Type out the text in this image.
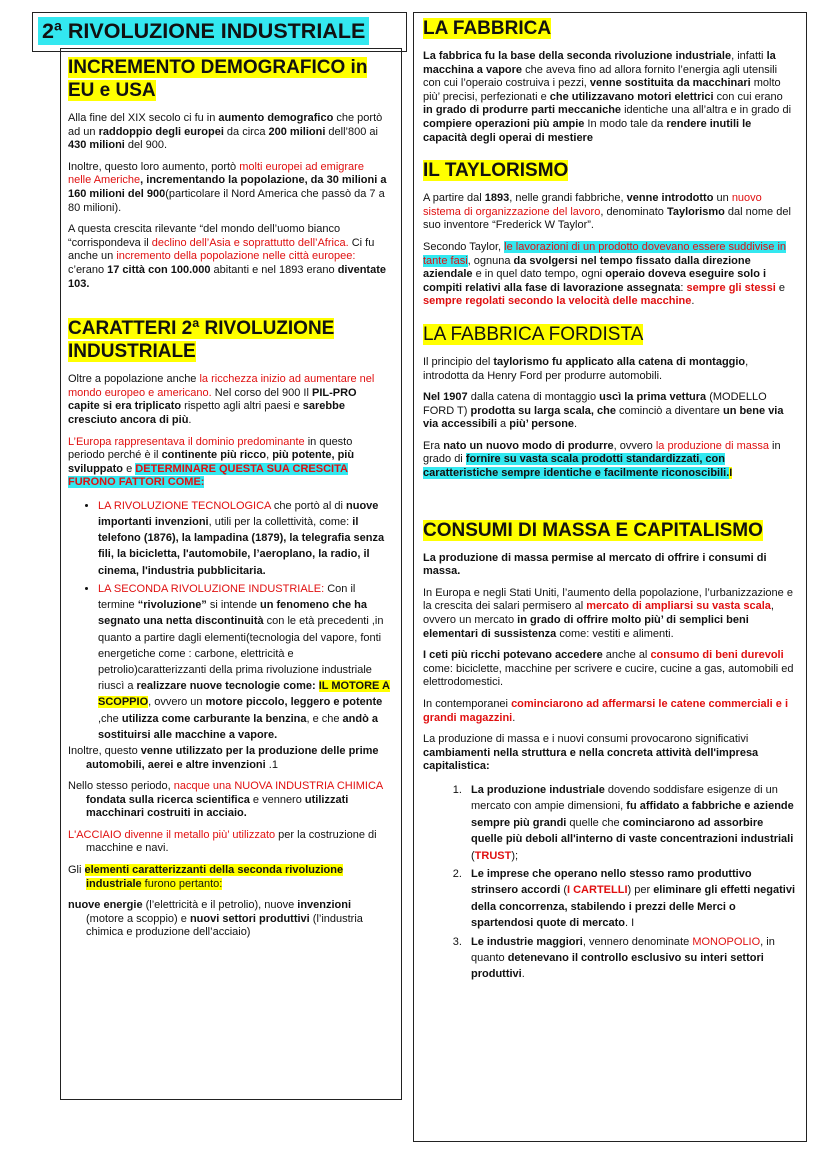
2ª RIVOLUZIONE INDUSTRIALE
INCREMENTO DEMOGRAFICO in EU e USA

Alla fine del XIX secolo ci fu in aumento demografico che portò ad un raddoppio degli europei da circa 200 milioni dell’800 ai 430 milioni del 900.

Inoltre, questo loro aumento, portò molti europei ad emigrare nelle Americhe, incrementando la popolazione, da 30 milioni a 160 milioni del 900(particolare il Nord America che passò da 7 a 80 milioni).

A questa crescita rilevante “del mondo dell’uomo bianco “corrispondeva il declino dell’Asia e soprattutto dell’Africa. Ci fu anche un incremento della popolazione nelle città europee: c’erano 17 città con 100.000 abitanti e nel 1893 erano diventate 103.

CARATTERI 2ª RIVOLUZIONE INDUSTRIALE

Oltre a popolazione anche la ricchezza inizio ad aumentare nel mondo europeo e americano. Nel corso del 900 Il PIL-PRO capite si era triplicato rispetto agli altri paesi e sarebbe cresciuto ancora di più.

L’Europa rappresentava il dominio predominante in questo periodo perché è il continente più ricco, più potente, più sviluppato e DETERMINARE QUESTA SUA CRESCITA FURONO FATTORI COME:

• LA RIVOLUZIONE TECNOLOGICA che portò al di nuove importanti invenzioni, utili per la collettività, come: il telefono (1876), la lampadina (1879), la telegrafia senza fili, la bicicletta, l'automobile, l’aeroplano, la radio, il cinema, l'industria pubblicitaria.
• LA SECONDA RIVOLUZIONE INDUSTRIALE: Con il termine “rivoluzione” si intende un fenomeno che ha segnato una netta discontinuità con le età precedenti ,in quanto a partire dagli elementi(tecnologia del vapore, fonti energetiche come : carbone, elettricità e petrolio)caratterizzanti della prima rivoluzione industriale riuscì a realizzare nuove tecnologie come: IL MOTORE A SCOPPIO, ovvero un motore piccolo, leggero e potente ,che utilizza come carburante la benzina, e che andò a sostituirsi alle macchine a vapore.

Inoltre, questo venne utilizzato per la produzione delle prime automobili, aerei e altre invenzioni .1

Nello stesso periodo, nacque una NUOVA INDUSTRIA CHIMICA fondata sulla ricerca scientifica e vennero utilizzati macchinari costruiti in acciaio.

L'ACCIAIO divenne il metallo più’ utilizzato per la costruzione di macchine e navi.

Gli elementi caratterizzanti della seconda rivoluzione industriale furono pertanto:

nuove energie (l’elettricità e il petrolio), nuove invenzioni (motore a scoppio) e nuovi settori produttivi (l’industria chimica e produzione dell’acciaio)

LA FABBRICA

La fabbrica fu la base della seconda rivoluzione industriale, infatti la macchina a vapore che aveva fino ad allora fornito l’energia agli utensili con cui l’operaio costruiva i pezzi, venne sostituita da macchinari molto più’ precisi, perfezionati e che utilizzavano motori elettrici con cui erano in grado di produrre parti meccaniche identiche una all’altra e in grado di compiere operazioni più ampie In modo tale da rendere inutili le capacità degli operai di mestiere

IL TAYLORISMO

A partire dal 1893, nelle grandi fabbriche, venne introdotto un nuovo sistema di organizzazione del lavoro, denominato Taylorismo dal nome del suo inventore “Frederick W Taylor”.

Secondo Taylor, le lavorazioni di un prodotto dovevano essere suddivise in tante fasi, ognuna da svolgersi nel tempo fissato dalla direzione aziendale e in quel dato tempo, ogni operaio doveva eseguire solo i compiti relativi alla fase di lavorazione assegnata: sempre gli stessi e sempre regolati secondo la velocità delle macchine.

LA FABBRICA FORDISTA

Il principio del taylorismo fu applicato alla catena di montaggio, introdotta da Henry Ford per produrre automobili.

Nel 1907 dalla catena di montaggio uscì la prima vettura (MODELLO FORD T) prodotta su larga scala, che cominciò a diventare un bene via via accessibili a più’ persone.

Era nato un nuovo modo di produrre, ovvero la produzione di massa in grado di fornire su vasta scala prodotti standardizzati, con caratteristiche sempre identiche e facilmente riconoscibili.I

CONSUMI DI MASSA E CAPITALISMO

La produzione di massa permise al mercato di offrire i consumi di massa.

In Europa e negli Stati Uniti, l’aumento della popolazione, l’urbanizzazione e la crescita dei salari permisero al mercato di ampliarsi su vasta scala, ovvero un mercato in grado di offrire molto più’ di semplici beni elementari di sussistenza come: vestiti e alimenti.

I ceti più ricchi potevano accedere anche al consumo di beni durevoli come: biciclette, macchine per scrivere e cucire, cucine a gas, automobili ed elettrodomestici.

In contemporanei cominciarono ad affermarsi le catene commerciali e i grandi magazzini.

La produzione di massa e i nuovi consumi provocarono significativi cambiamenti nella struttura e nella concreta attività dell'impresa capitalistica:

1. La produzione industriale dovendo soddisfare esigenze di un mercato con ampie dimensioni, fu affidato a fabbriche e aziende sempre più grandi quelle che cominciarono ad assorbire quelle più deboli all'interno di vaste concentrazioni industriali (TRUST);
2. Le imprese che operano nello stesso ramo produttivo strinsero accordi (I CARTELLI) per eliminare gli effetti negativi della concorrenza, stabilendo i prezzi delle Merci o spartendosi quote di mercato. I
3. Le industrie maggiori, vennero denominate MONOPOLIO, in quanto detenevano il controllo esclusivo su interi settori produttivi.
